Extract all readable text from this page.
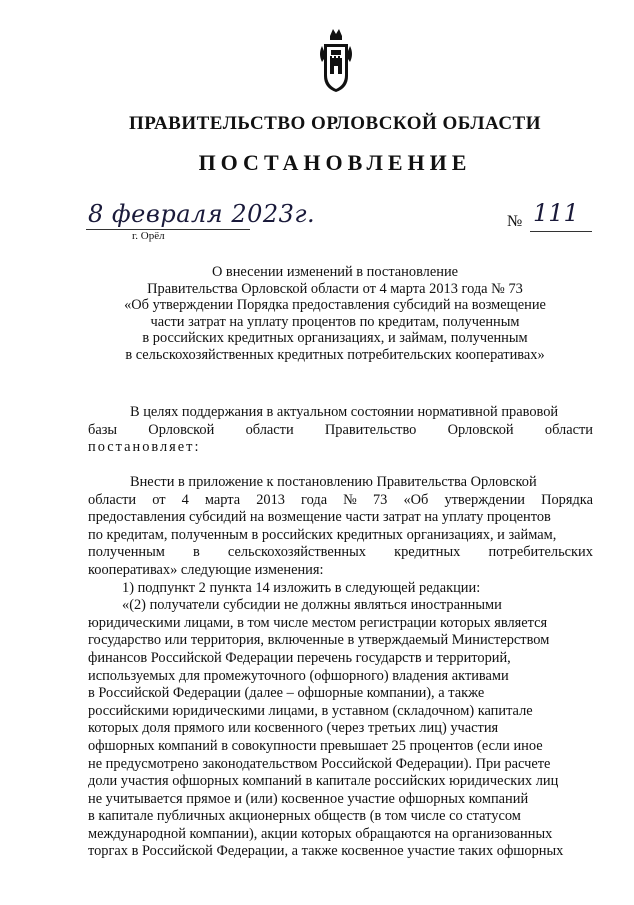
ПРАВИТЕЛЬСТВО ОРЛОВСКОЙ ОБЛАСТИ
ПОСТАНОВЛЕНИЕ
8 февраля 2023г.
г. Орёл
№ 111
О внесении изменений в постановление
Правительства Орловской области от 4 марта 2013 года № 73
«Об утверждении Порядка предоставления субсидий на возмещение
части затрат на уплату процентов по кредитам, полученным
в российских кредитных организациях, и займам, полученным
в сельскохозяйственных кредитных потребительских кооперативах»
В целях поддержания в актуальном состоянии нормативной правовой
базы Орловской области Правительство Орловской области
постановляет:
Внести в приложение к постановлению Правительства Орловской
области от 4 марта 2013 года № 73 «Об утверждении Порядка
предоставления субсидий на возмещение части затрат на уплату процентов
по кредитам, полученным в российских кредитных организациях, и займам,
полученным в сельскохозяйственных кредитных потребительских
кооперативах» следующие изменения:
1) подпункт 2 пункта 14 изложить в следующей редакции:
«(2) получатели субсидии не должны являться иностранными
юридическими лицами, в том числе местом регистрации которых является
государство или территория, включенные в утверждаемый Министерством
финансов Российской Федерации перечень государств и территорий,
используемых для промежуточного (офшорного) владения активами
в Российской Федерации (далее – офшорные компании), а также
российскими юридическими лицами, в уставном (складочном) капитале
которых доля прямого или косвенного (через третьих лиц) участия
офшорных компаний в совокупности превышает 25 процентов (если иное
не предусмотрено законодательством Российской Федерации). При расчете
доли участия офшорных компаний в капитале российских юридических лиц
не учитывается прямое и (или) косвенное участие офшорных компаний
в капитале публичных акционерных обществ (в том числе со статусом
международной компании), акции которых обращаются на организованных
торгах в Российской Федерации, а также косвенное участие таких офшорных
